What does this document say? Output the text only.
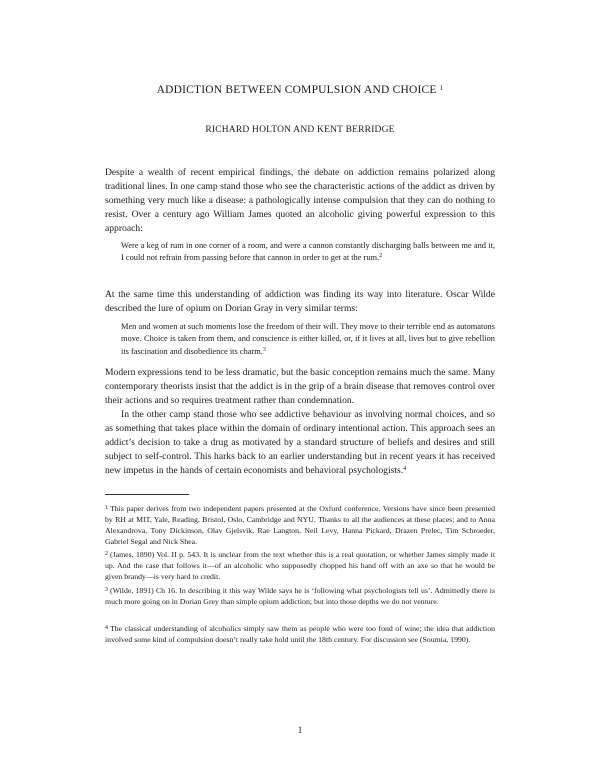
ADDICTION BETWEEN COMPULSION AND CHOICE $^1$
RICHARD HOLTON AND KENT BERRIDGE
Despite a wealth of recent empirical findings, the debate on addiction remains polarized along traditional lines. In one camp stand those who see the characteristic actions of the addict as driven by something very much like a disease: a pathologically intense compulsion that they can do nothing to resist. Over a century ago William James quoted an alcoholic giving powerful expression to this approach:
Were a keg of rum in one corner of a room, and were a cannon constantly discharging balls between me and it, I could not refrain from passing before that cannon in order to get at the rum.$^2$
At the same time this understanding of addiction was finding its way into literature. Oscar Wilde described the lure of opium on Dorian Gray in very similar terms:
Men and women at such moments lose the freedom of their will. They move to their terrible end as automatons move. Choice is taken from them, and conscience is either killed, or, if it lives at all, lives but to give rebellion its fascination and disobedience its charm.$^3$
Modern expressions tend to be less dramatic, but the basic conception remains much the same. Many contemporary theorists insist that the addict is in the grip of a brain disease that removes control over their actions and so requires treatment rather than condemnation.
In the other camp stand those who see addictive behaviour as involving normal choices, and so as something that takes place within the domain of ordinary intentional action. This approach sees an addict’s decision to take a drug as motivated by a standard structure of beliefs and desires and still subject to self-control. This harks back to an earlier understanding but in recent years it has received new impetus in the hands of certain economists and behavioral psychologists.$^4$
$^1$ This paper derives from two independent papers presented at the Oxford conference. Versions have since been presented by RH at MIT, Yale, Reading, Bristol, Oslo, Cambridge and NYU. Thanks to all the audiences at these places; and to Anna Alexandrova, Tony Dickinson, Olav Gjelsvik, Rae Langton, Neil Levy, Hanna Pickard, Drazen Prelec, Tim Schroeder, Gabriel Segal and Nick Shea.
$^2$ (James, 1890) Vol. II p. 543. It is unclear from the text whether this is a real quotation, or whether James simply made it up. And the case that follows it—of an alcoholic who supposedly chopped his hand off with an axe so that he would be given brandy—is very hard to credit.
$^3$ (Wilde, 1891) Ch 16. In describing it this way Wilde says he is ‘following what psychologists tell us’. Admittedly there is much more going on in Dorian Grey than simple opium addiction; but into those depths we do not venture.
$^4$ The classical understanding of alcoholics simply saw them as people who were too fond of wine; the idea that addiction involved some kind of compulsion doesn’t really take hold until the 18th century. For discussion see (Soumia, 1990).
1
